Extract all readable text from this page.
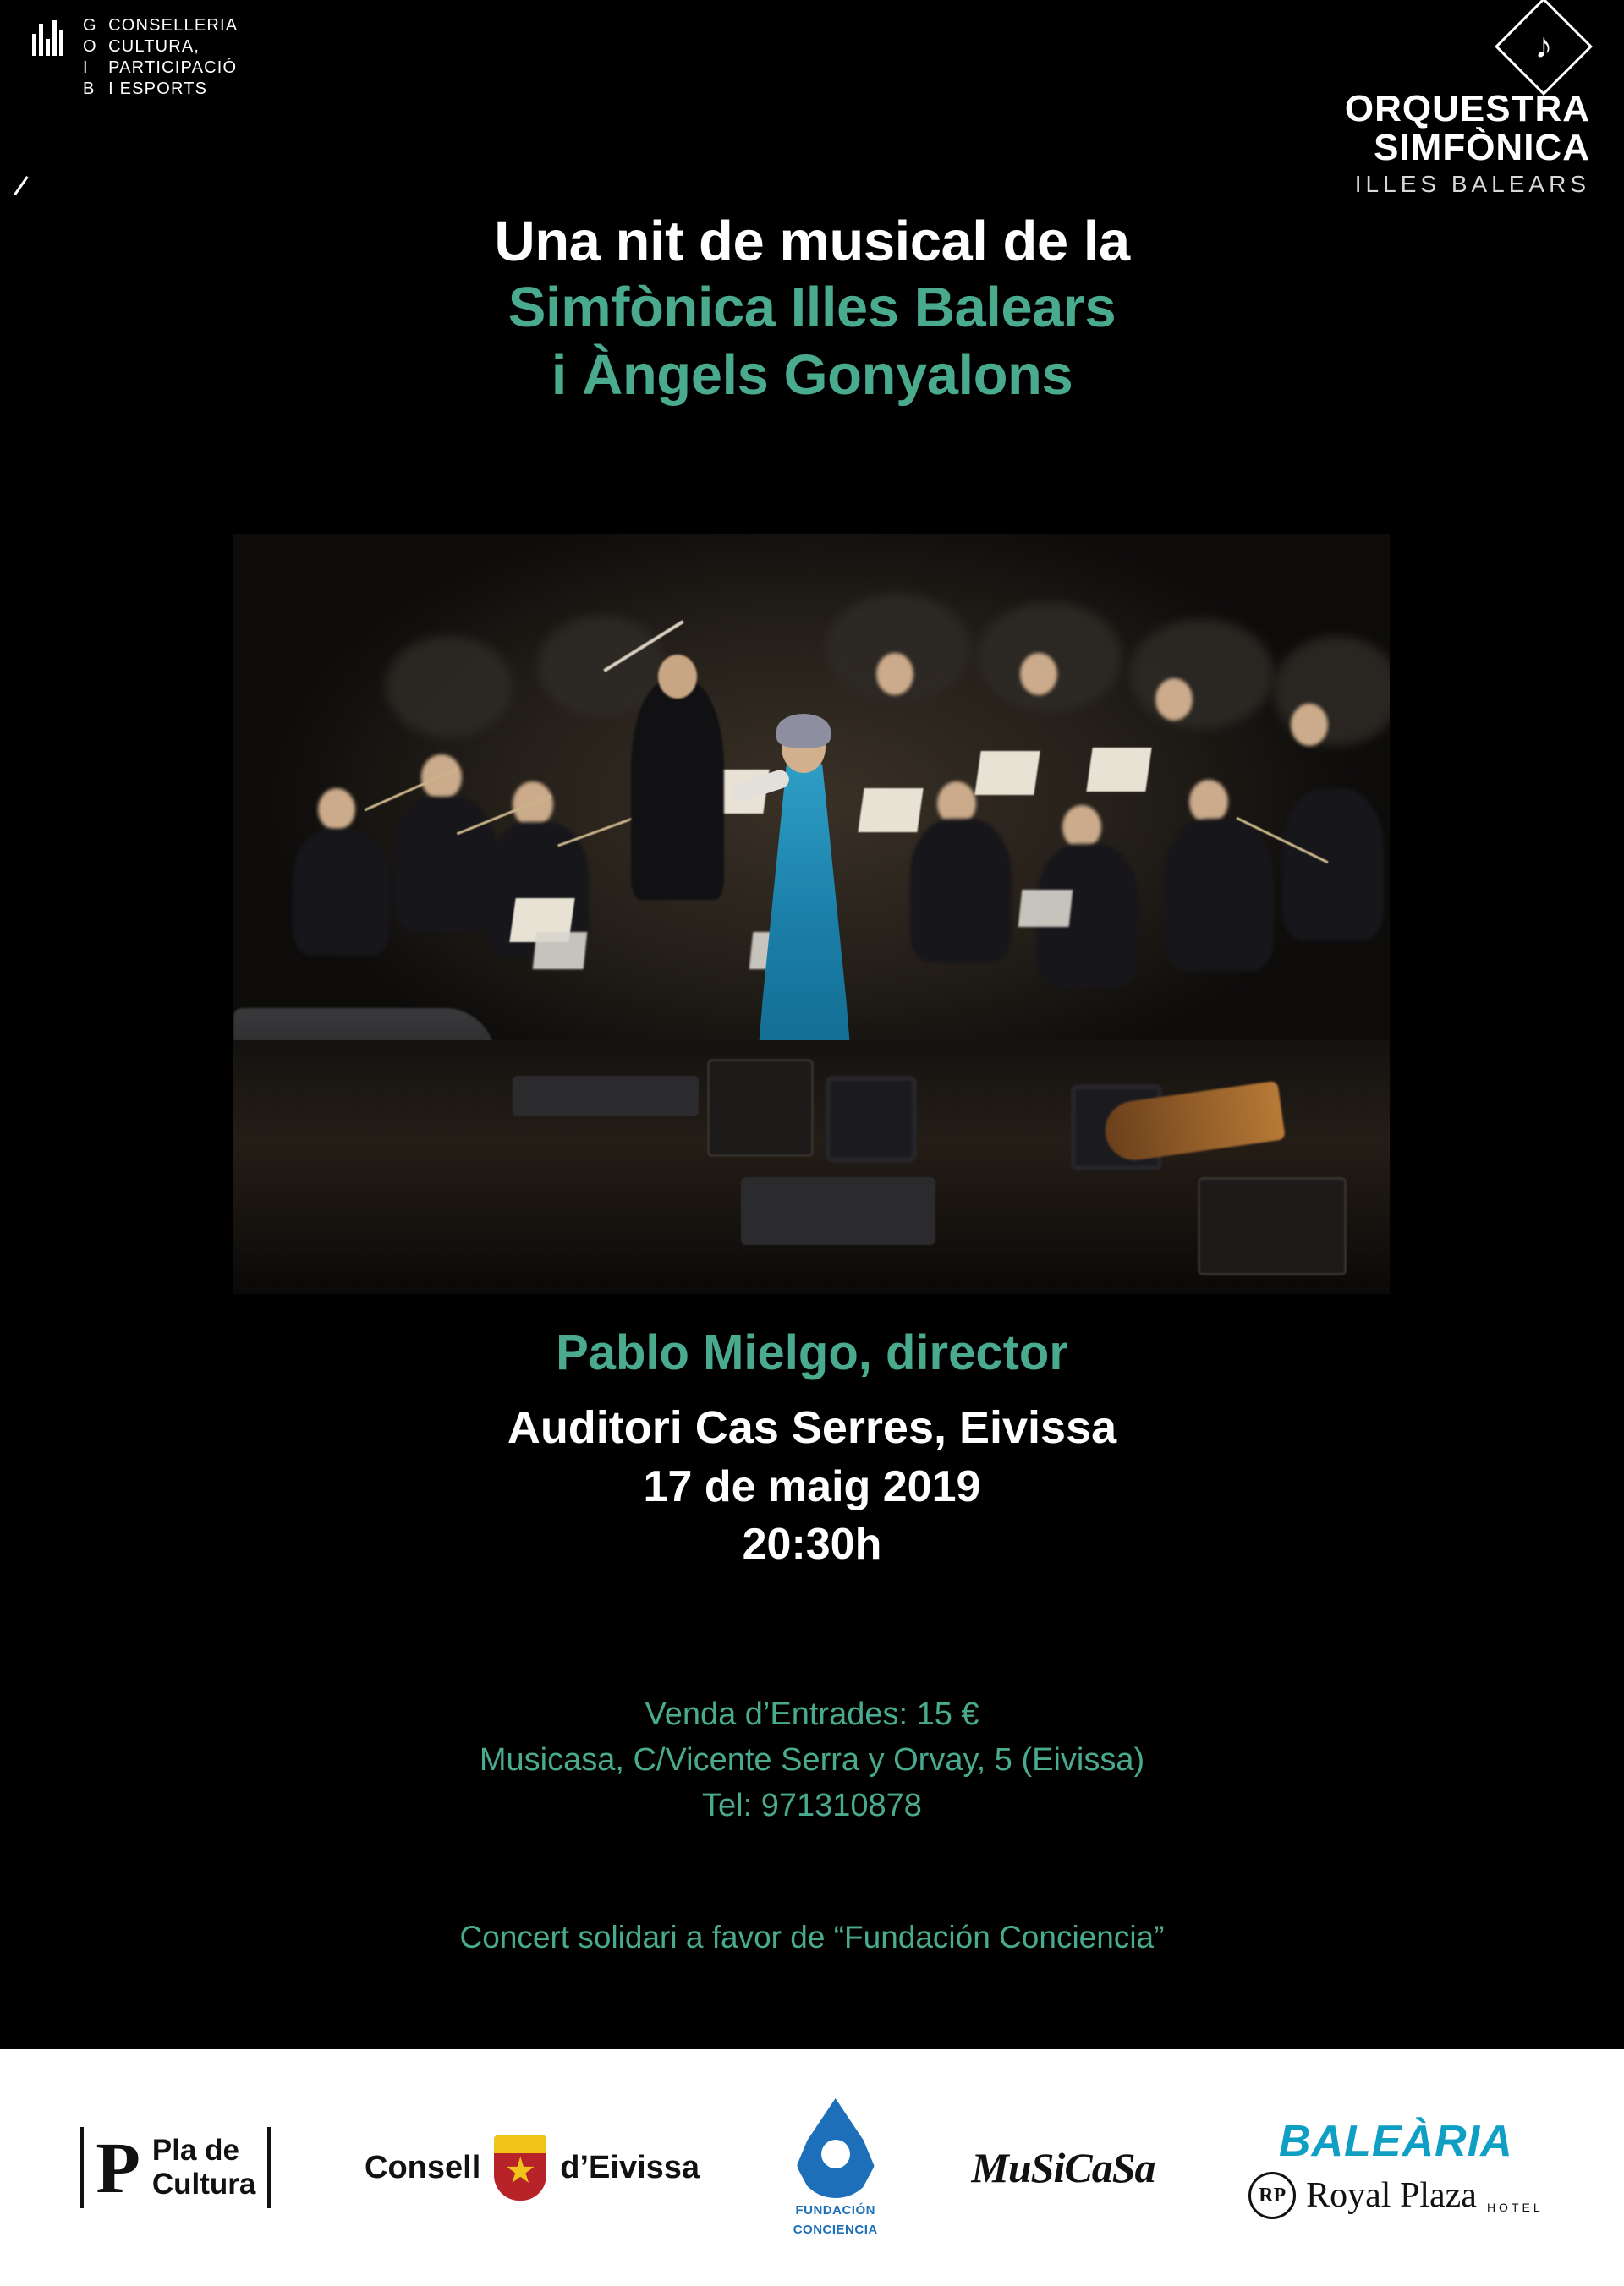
G
O
I
B
CONSELLERIA
CULTURA,
PARTICIPACIÓ
I ESPORTS
♪
ORQUESTRA
SIMFÒNICA
ILLES BALEARS
Una nit de musical de la
Simfònica Illes Balears
i Àngels Gonyalons
Pablo Mielgo, director
Auditori Cas Serres, Eivissa
17 de maig 2019
20:30h
Venda d’Entrades: 15 €
Musicasa, C/Vicente Serra y Orvay, 5 (Eivissa)
Tel: 971310878
Concert solidari a favor de “Fundación Conciencia”
P Pla de
Cultura	Consell d’Eivissa
FUNDACIÓN
CONCIENCIA
MuSiCaSa
BALEÀRIA
RP Royal Plaza HOTEL
